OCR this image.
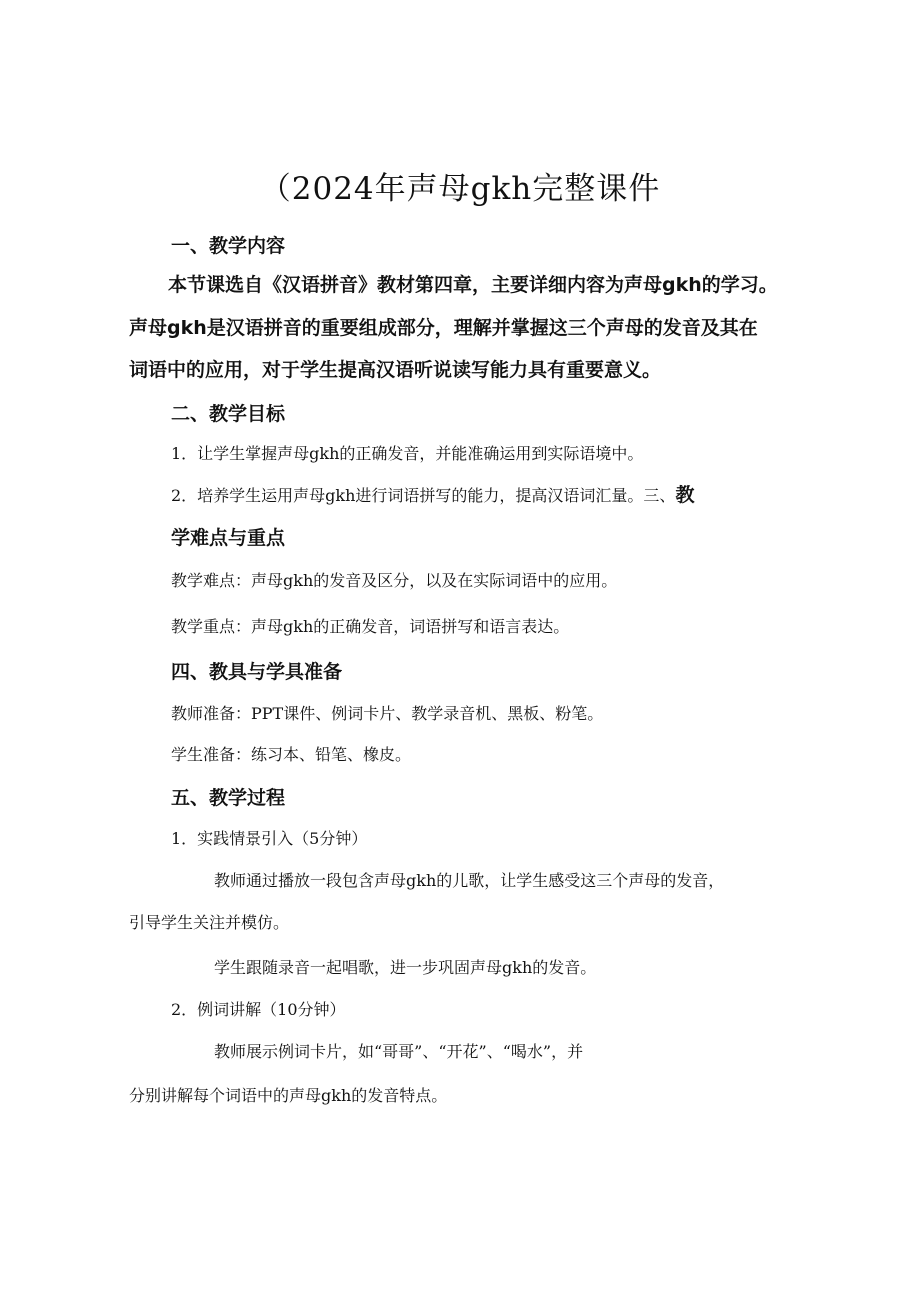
（2024年声母gkh完整课件
一、教学内容
本节课选自《汉语拼音》教材第四章，主要详细内容为声母gkh的学习。
声母gkh是汉语拼音的重要组成部分，理解并掌握这三个声母的发音及其在
词语中的应用，对于学生提高汉语听说读写能力具有重要意义。
二、教学目标
1．让学生掌握声母gkh的正确发音，并能准确运用到实际语境中。
2．培养学生运用声母gkh进行词语拼写的能力，提高汉语词汇量。三、教
学难点与重点
教学难点：声母gkh的发音及区分，以及在实际词语中的应用。
教学重点：声母gkh的正确发音，词语拼写和语言表达。
四、教具与学具准备
教师准备：PPT课件、例词卡片、教学录音机、黑板、粉笔。
学生准备：练习本、铅笔、橡皮。
五、教学过程
1．实践情景引入（5分钟）
教师通过播放一段包含声母gkh的儿歌，让学生感受这三个声母的发音，
引导学生关注并模仿。
学生跟随录音一起唱歌，进一步巩固声母gkh的发音。
2．例词讲解（10分钟）
教师展示例词卡片，如“哥哥”、“开花”、“喝水”，并
分别讲解每个词语中的声母gkh的发音特点。
